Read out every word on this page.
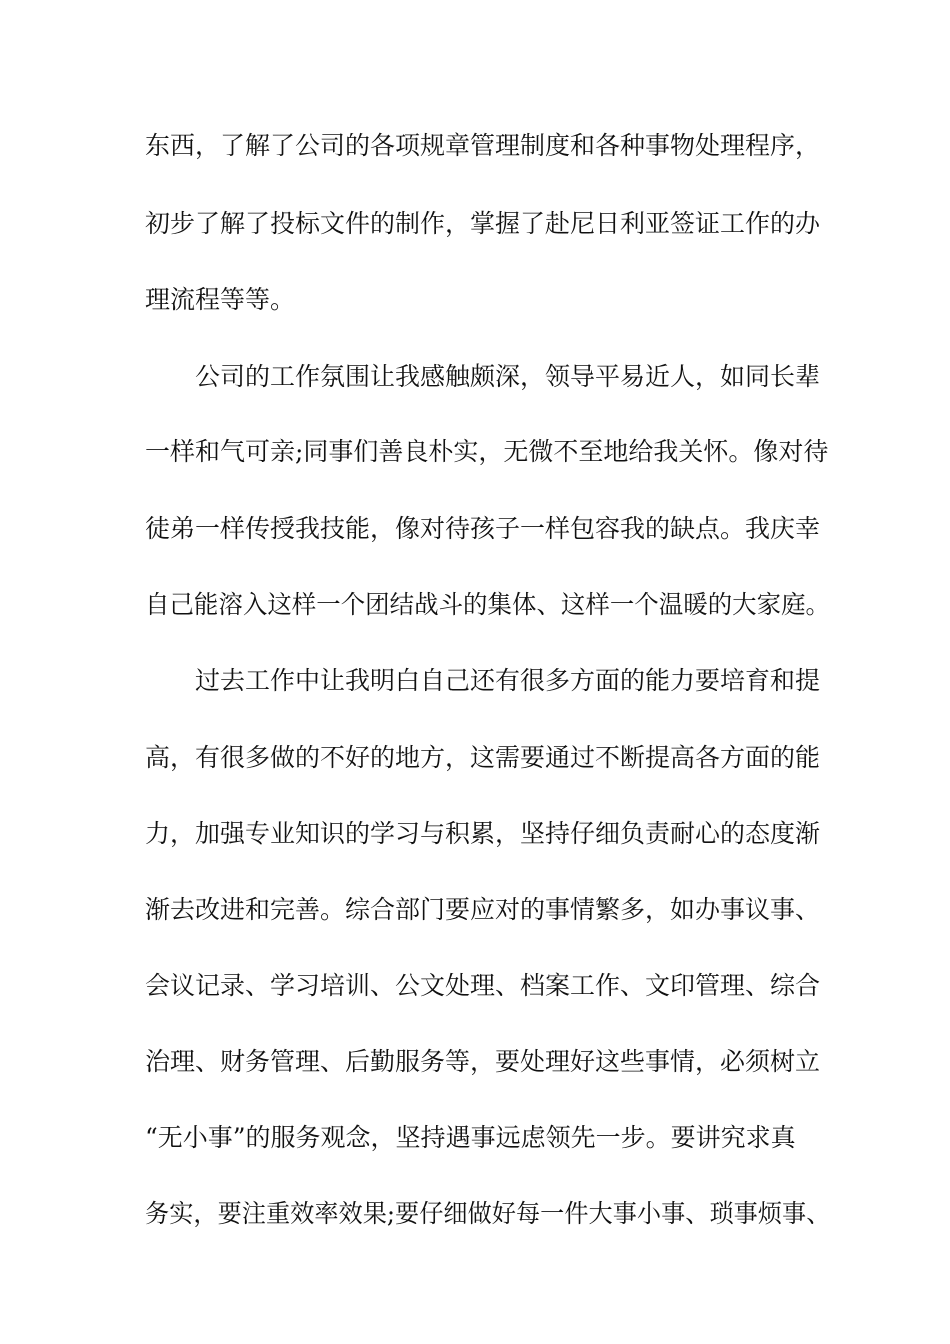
东西，了解了公司的各项规章管理制度和各种事物处理程序，
初步了解了投标文件的制作，掌握了赴尼日利亚签证工作的办
理流程等等。
公司的工作氛围让我感触颇深，领导平易近人，如同长辈
一样和气可亲;同事们善良朴实，无微不至地给我关怀。像对待
徒弟一样传授我技能，像对待孩子一样包容我的缺点。我庆幸
自己能溶入这样一个团结战斗的集体、这样一个温暖的大家庭。
过去工作中让我明白自己还有很多方面的能力要培育和提
高，有很多做的不好的地方，这需要通过不断提高各方面的能
力，加强专业知识的学习与积累，坚持仔细负责耐心的态度渐
渐去改进和完善。综合部门要应对的事情繁多，如办事议事、
会议记录、学习培训、公文处理、档案工作、文印管理、综合
治理、财务管理、后勤服务等，要处理好这些事情，必须树立
“无小事”的服务观念，坚持遇事远虑领先一步。要讲究求真
务实，要注重效率效果;要仔细做好每一件大事小事、琐事烦事、
